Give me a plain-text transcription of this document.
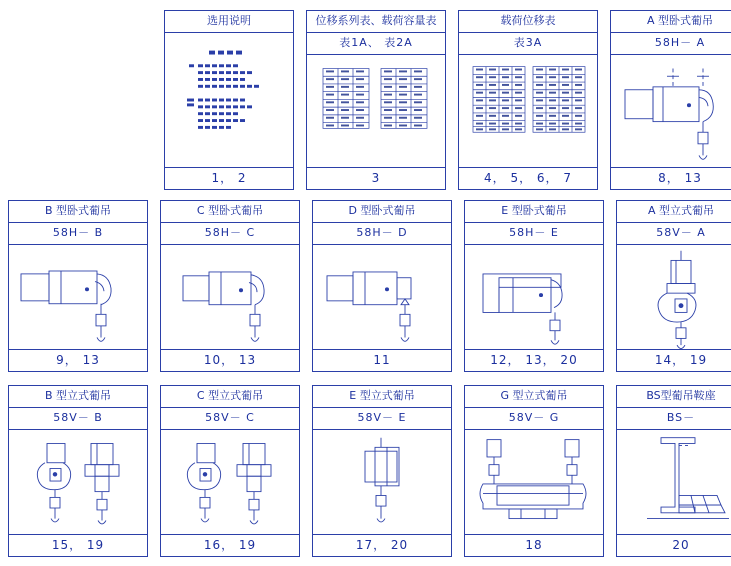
选用说明
1， 2
位移系列表、载荷容量表
表1A、 表2A
3
载荷位移表
表3A
4， 5， 6， 7
A 型卧式葡吊
58H－ A
8， 13
B 型卧式葡吊
58H－ B
9， 13
C 型卧式葡吊
58H－ C
10， 13
D 型卧式葡吊
58H－ D
11
E 型卧式葡吊
58H－ E
12， 13， 20
A 型立式葡吊
58V－ A
14， 19
B 型立式葡吊
58V－ B
15， 19
C 型立式葡吊
58V－ C
16， 19
E 型立式葡吊
58V－ E
17， 20
G 型立式葡吊
58V－ G
18
BS型葡吊鞍座
BS－
20
